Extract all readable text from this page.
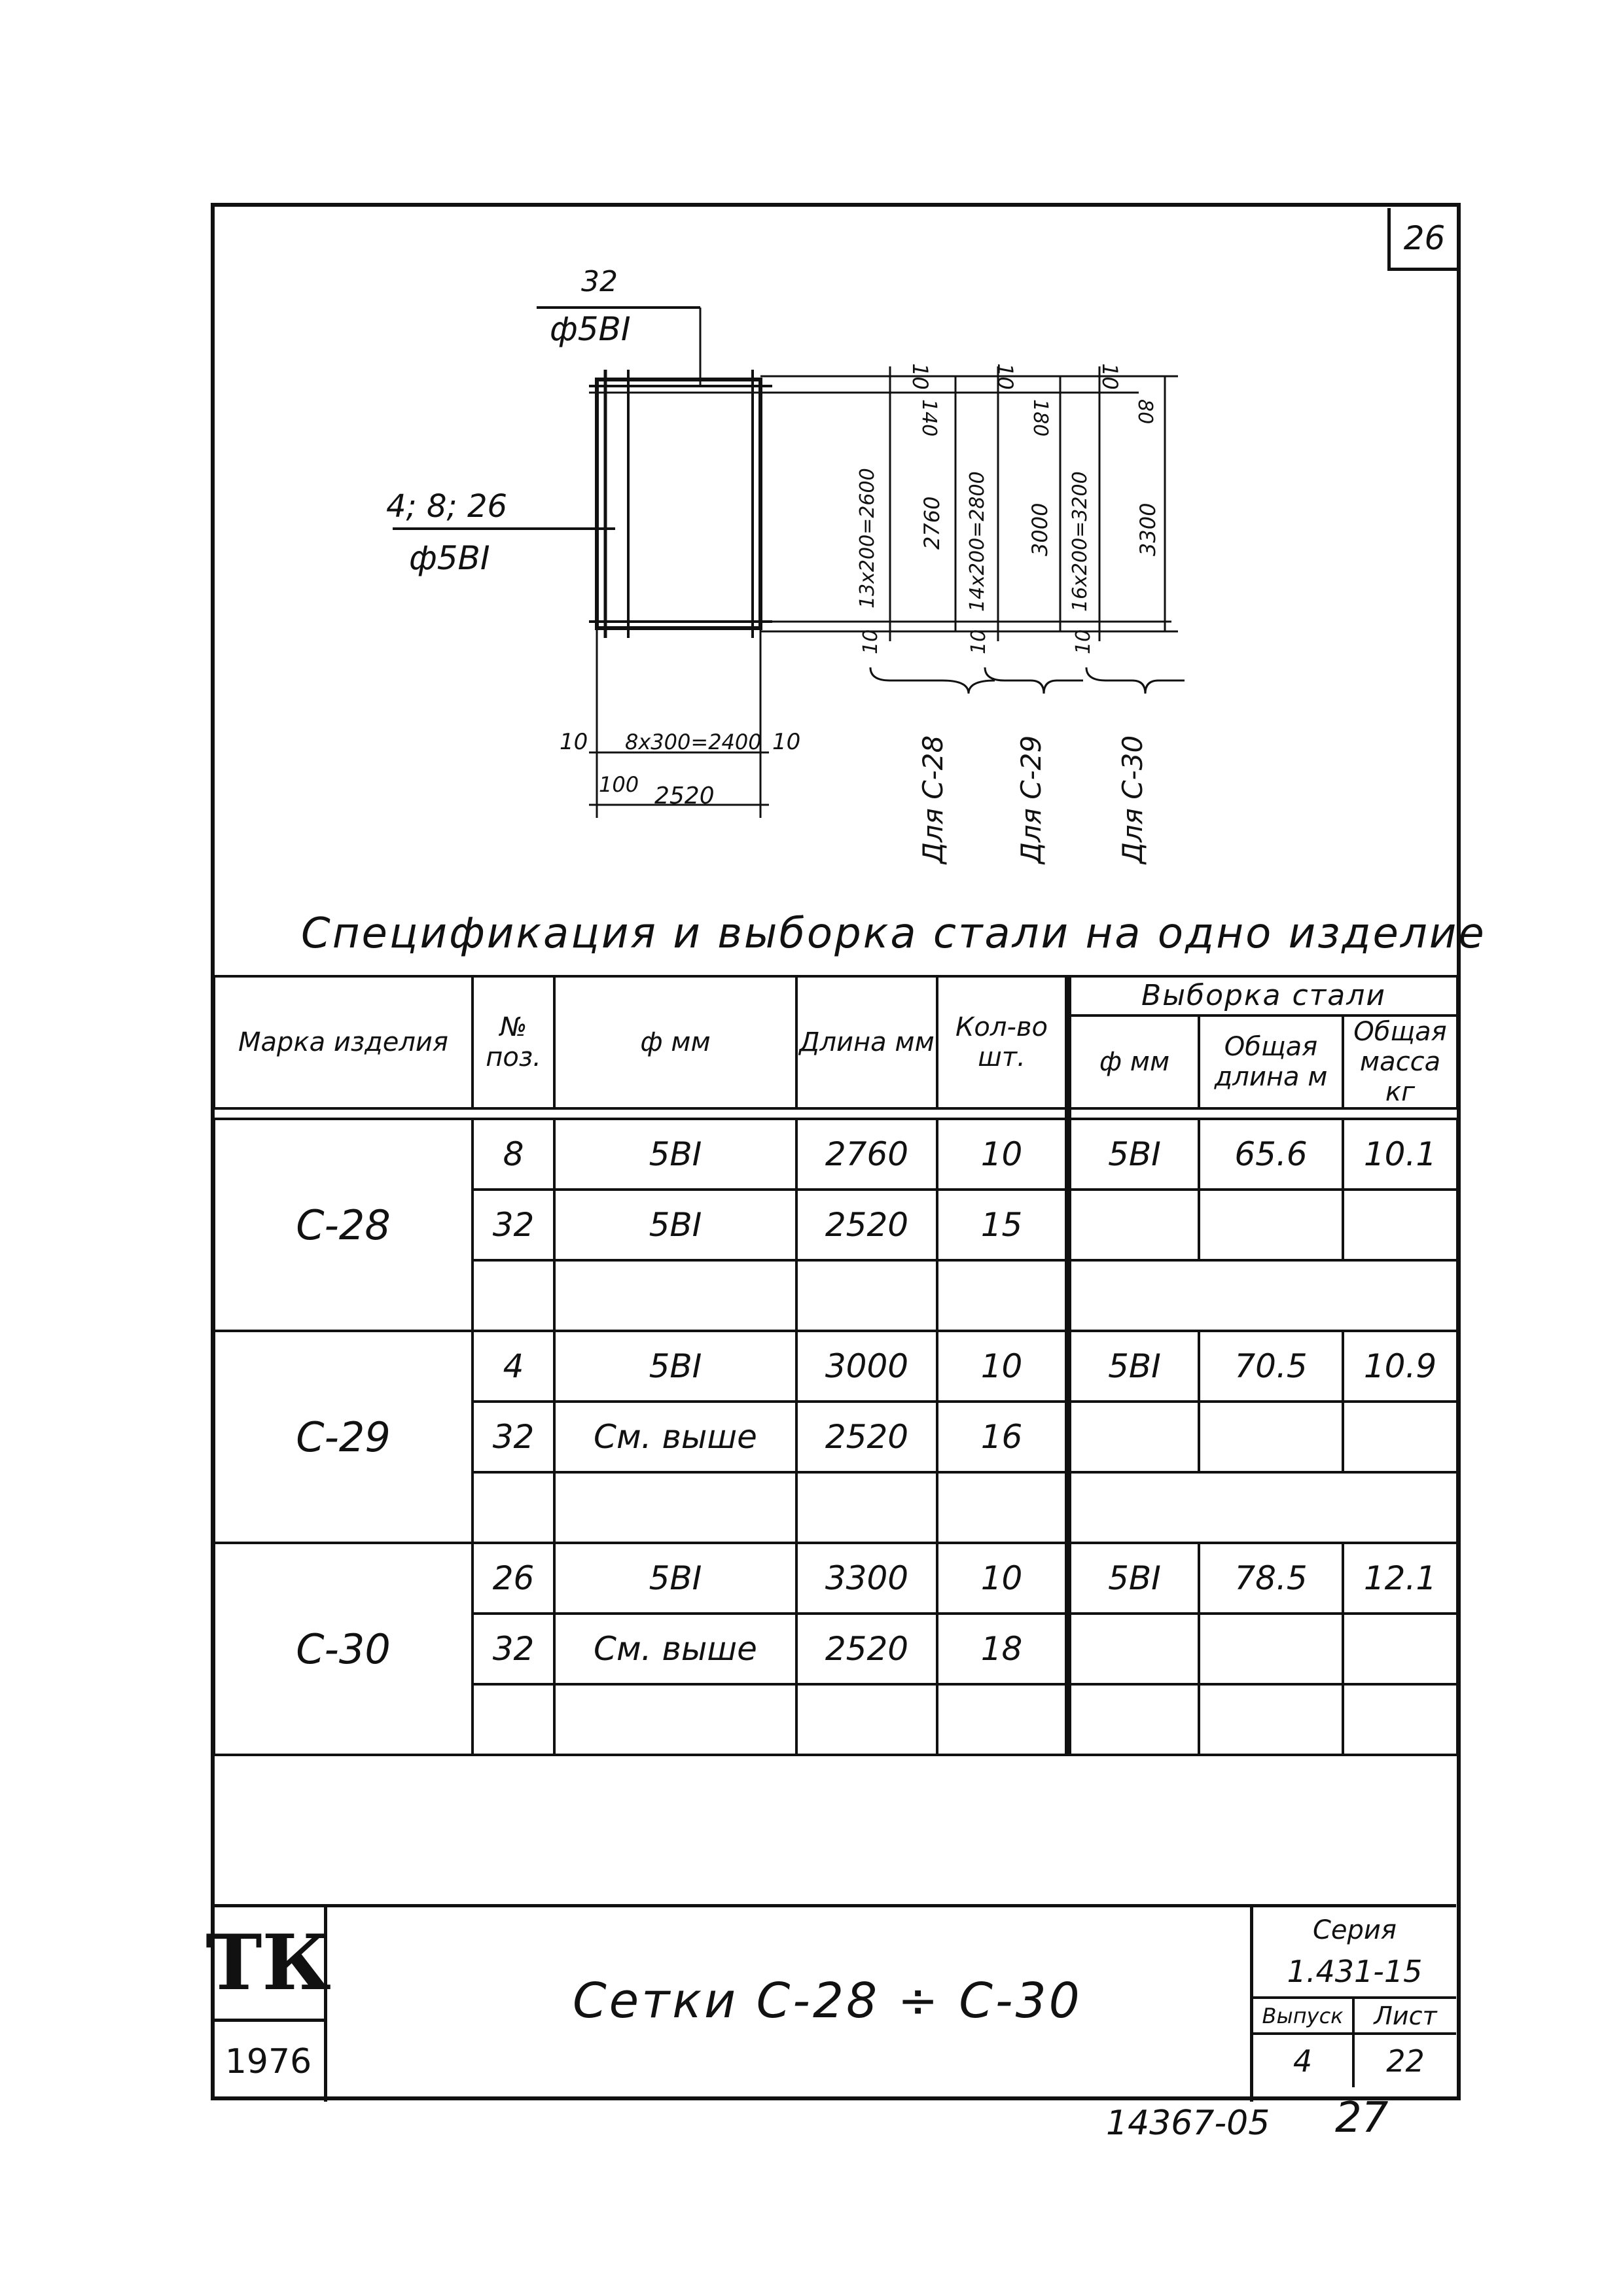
26
32
ф5ВI
4; 8; 26
ф5ВI
10	10
8x300=2400
100 2520
10
140
13x200=2600 2760
10
Для С-28
10
180
14x200=2800 3000
10
Для С-29
10
80
16x200=3200 3300
10
Для С-30
Спецификация и выборка стали на одно изделие
Марка изделия	№ поз.	ф мм	Длина мм	Кол-во шт.	Выборка стали		
					ф мм	Общая длина м	Общая масса кг

С-28	8	5ВI	2760	10	5ВI	65.6	10.1
	32	5ВI	2520	15			

С-29	4	5ВI	3000	10	5ВI	70.5	10.9
	32	См. выше	2520	16			

С-30	26	5ВI	3300	10	5ВI	78.5	12.1
	32	См. выше	2520	18			

ТК
1976
Сетки С-28 ÷ С-30
Серия
1.431-15
Выпуск	Лист
4	22
14367-05 27
